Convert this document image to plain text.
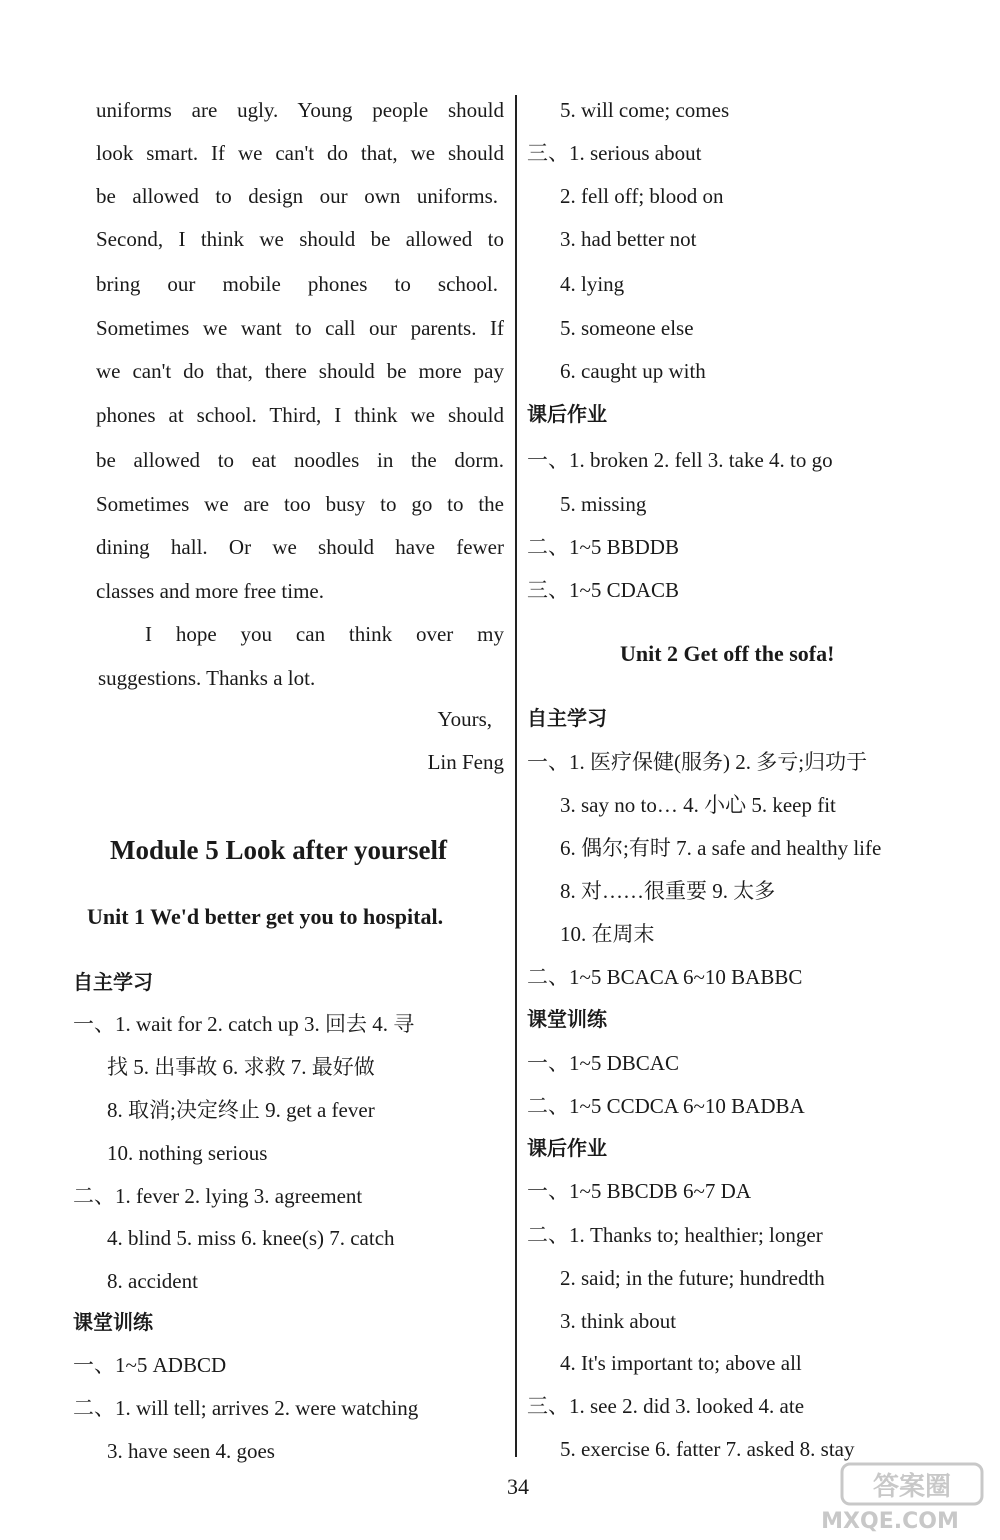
uniforms are ugly. Young people should
look smart. If we can't do that, we should
be allowed to design our own uniforms.
Second, I think we should be allowed to
bring our mobile phones to school.
Sometimes we want to call our parents. If
we can't do that, there should be more pay
phones at school. Third, I think we should
be allowed to eat noodles in the dorm.
Sometimes we are too busy to go to the
dining hall. Or we should have fewer
classes and more free time.
I hope you can think over my
suggestions. Thanks a lot.
Yours,
Lin Feng
Module 5 Look after yourself
Unit 1 We'd better get you to hospital.
自主学习
一、1. wait for 2. catch up 3. 回去 4. 寻
找 5. 出事故 6. 求救 7. 最好做
8. 取消;决定终止 9. get a fever
10. nothing serious
二、1. fever 2. lying 3. agreement
4. blind 5. miss 6. knee(s) 7. catch
8. accident
课堂训练
一、1~5 ADBCD
二、1. will tell; arrives 2. were watching
3. have seen 4. goes
5. will come; comes
三、1. serious about
2. fell off; blood on
3. had better not
4. lying
5. someone else
6. caught up with
课后作业
一、1. broken 2. fell 3. take 4. to go
5. missing
二、1~5 BBDDB
三、1~5 CDACB
Unit 2 Get off the sofa!
自主学习
一、1. 医疗保健(服务) 2. 多亏;归功于
3. say no to… 4. 小心 5. keep fit
6. 偶尔;有时 7. a safe and healthy life
8. 对……很重要 9. 太多
10. 在周末
二、1~5 BCACA 6~10 BABBC
课堂训练
一、1~5 DBCAC
二、1~5 CCDCA 6~10 BADBA
课后作业
一、1~5 BBCDB 6~7 DA
二、1. Thanks to; healthier; longer
2. said; in the future; hundredth
3. think about
4. It's important to; above all
三、1. see 2. did 3. looked 4. ate
5. exercise 6. fatter 7. asked 8. stay
34	答案圈
MXQE.COM
